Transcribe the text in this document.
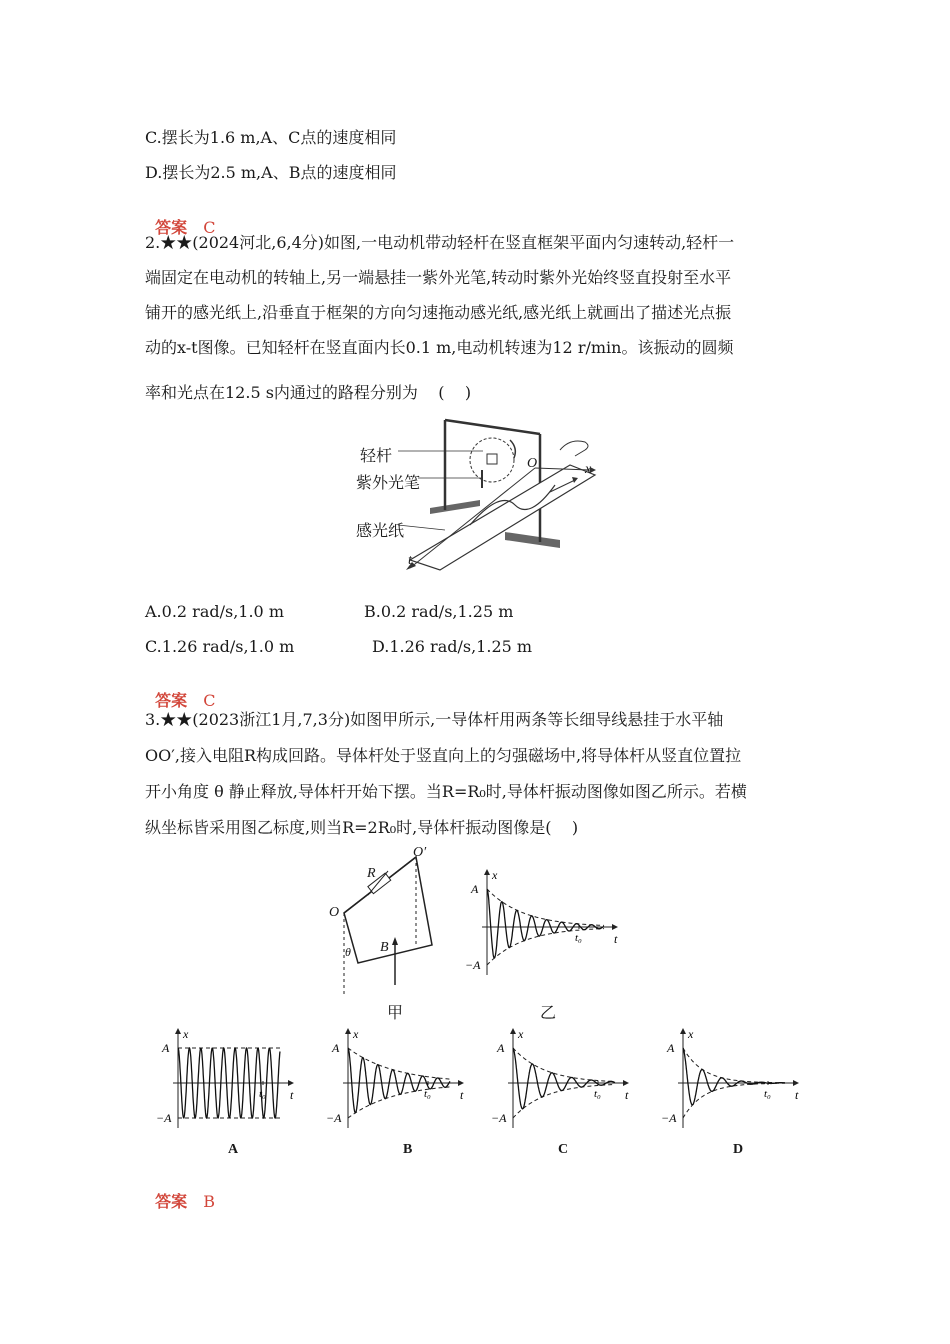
C.摆长为1.6 m,A、C点的速度相同
D.摆长为2.5 m,A、B点的速度相同

答案 C

2.★★(2024河北,6,4分)如图,一电动机带动轻杆在竖直框架平面内匀速转动,轻杆一
端固定在电动机的转轴上,另一端悬挂一紫外光笔,转动时紫外光始终竖直投射至水平
铺开的感光纸上,沿垂直于框架的方向匀速拖动感光纸,感光纸上就画出了描述光点振
动的x-t图像。已知轻杆在竖直面内长0.1 m,电动机转速为12 r/min。该振动的圆频
率和光点在12.5 s内通过的路程分别为    (    )
轻杆
紫外光笔
感光纸
O	x
t
A.0.2 rad/s,1.0 m	B.0.2 rad/s,1.25 m
C.1.26 rad/s,1.0 m	D.1.26 rad/s,1.25 m

答案 C

3.★★(2023浙江1月,7,3分)如图甲所示,一导体杆用两条等长细导线悬挂于水平轴
OO′,接入电阻R构成回路。导体杆处于竖直向上的匀强磁场中,将导体杆从竖直位置拉
开小角度 θ 静止释放,导体杆开始下摆。当R=R₀时,导体杆振动图像如图乙所示。若横
纵坐标皆采用图乙标度,则当R=2R₀时,导体杆振动图像是(    )
O
O′
R
B
θ
甲
x
A
−A
t
t₀
乙
x
A
−A
t
t₀
x
A
−A
t
t₀
x
A
−A
t
t₀
x
A
−A
t
t₀
A	B	C	D

答案 B
